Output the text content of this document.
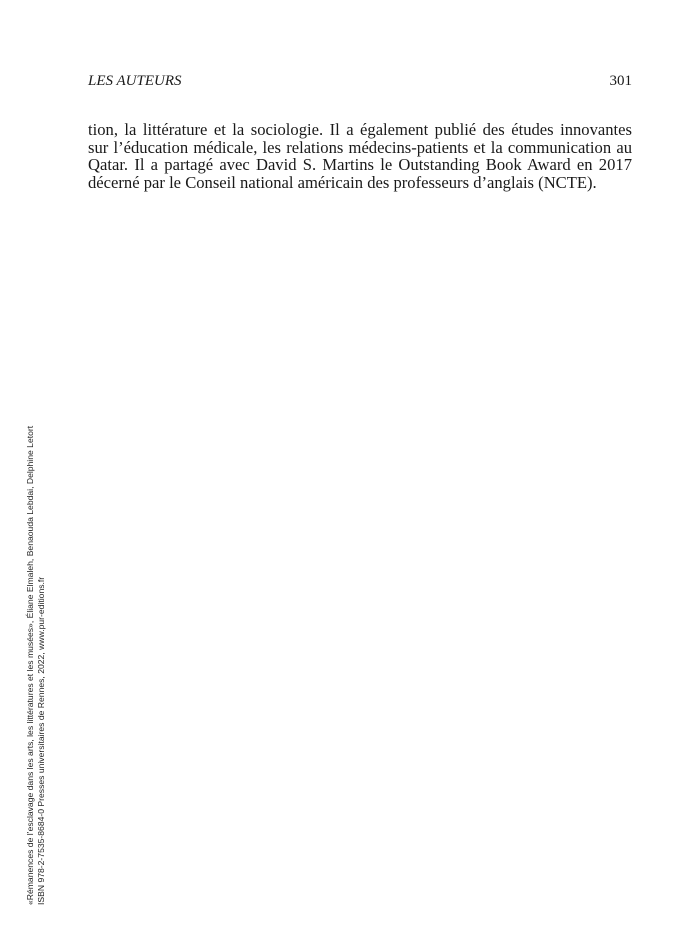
LES AUTEURS	301
tion, la littérature et la sociologie. Il a également publié des études innovantes
sur l’éducation médicale, les relations médecins-patients et la communication au
Qatar. Il a partagé avec David S. Martins le Outstanding Book Award en 2017
décerné par le Conseil national américain des professeurs d’anglais (NCTE).
«Rémanences de l’esclavage dans les arts, les littératures et les musées», Éliane Elmaleh, Benaouda Lebdai, Delphine Letort ISBN 978-2-7535-8684-0 Presses universitaires de Rennes, 2022, www.pur-editions.fr
